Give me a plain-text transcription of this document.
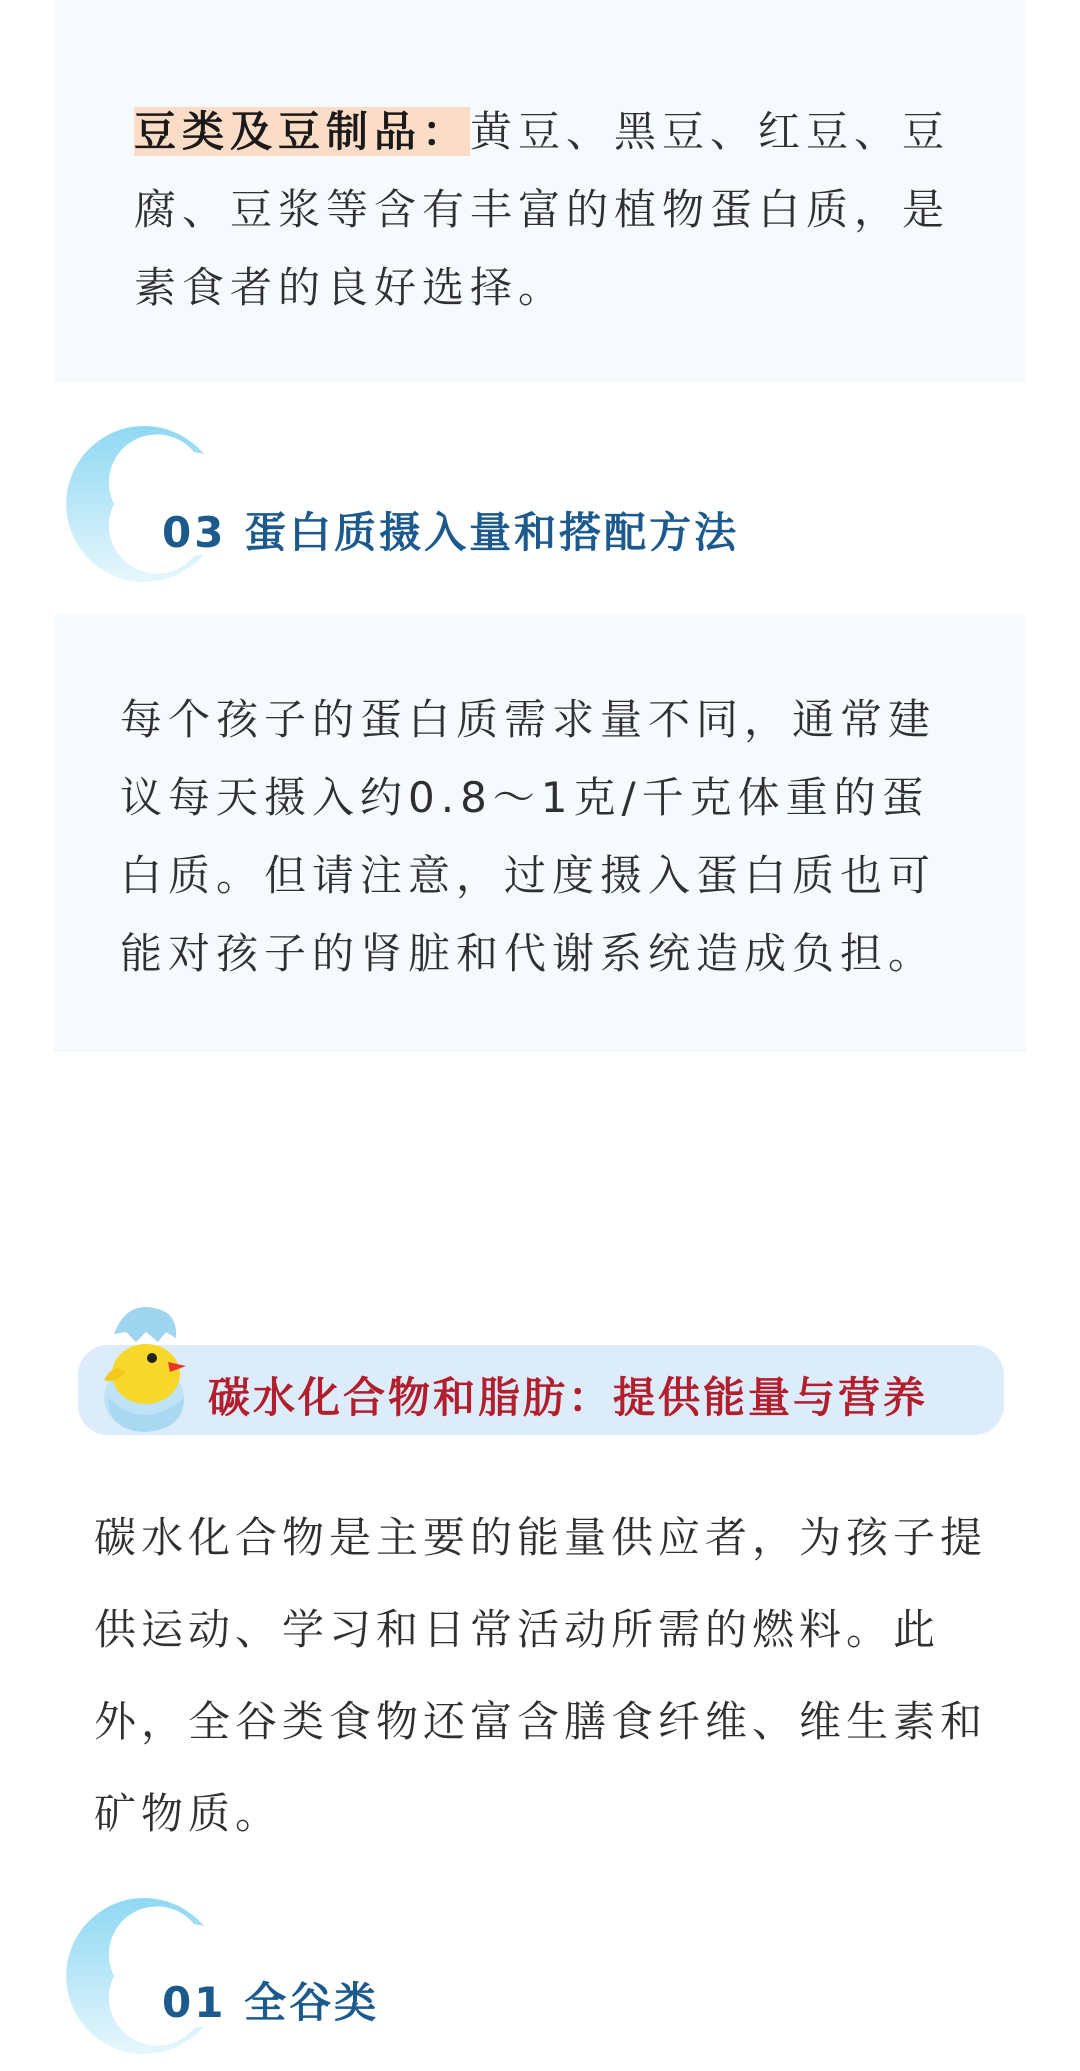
豆类及豆制品：黄豆、黑豆、红豆、豆腐、豆浆等含有丰富的植物蛋白质，是素食者的良好选择。

03 蛋白质摄入量和搭配方法

每个孩子的蛋白质需求量不同，通常建议每天摄入约0.8～1克/千克体重的蛋白质。但请注意，过度摄入蛋白质也可能对孩子的肾脏和代谢系统造成负担。

碳水化合物和脂肪：提供能量与营养

碳水化合物是主要的能量供应者，为孩子提供运动、学习和日常活动所需的燃料。此外，全谷类食物还富含膳食纤维、维生素和矿物质。

01 全谷类
